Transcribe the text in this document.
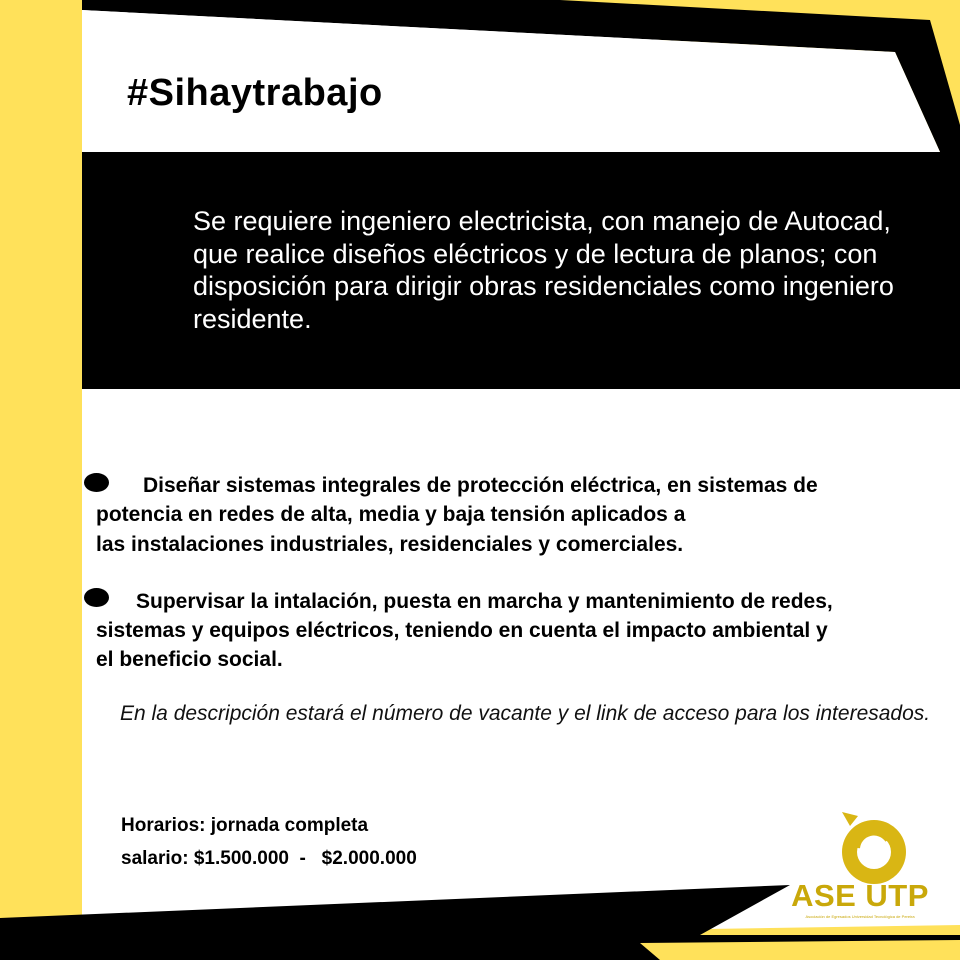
#Sihaytrabajo
Se requiere ingeniero electricista, con manejo de Autocad, que realice diseños eléctricos y de lectura de planos; con disposición para dirigir obras residenciales como ingeniero residente.
Diseñar sistemas integrales de protección eléctrica, en sistemas de
potencia en redes de alta, media y baja tensión aplicados a
las instalaciones industriales, residenciales y comerciales.
Supervisar la intalación, puesta en marcha y mantenimiento de redes,
sistemas y equipos eléctricos, teniendo en cuenta el impacto ambiental y
el beneficio social.
En la descripción estará el número de vacante y el link de acceso para los interesados.
Horarios: jornada completa
salario: $1.500.000  -   $2.000.000
ASE UTP
Asociación de Egresados Universidad Tecnológica de Pereira
